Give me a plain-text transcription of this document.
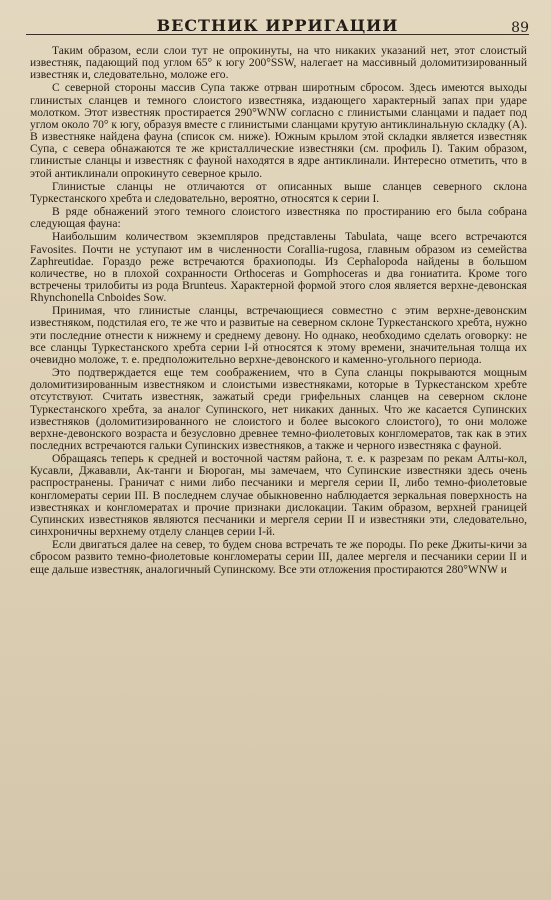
ВЕСТНИК ИРРИГАЦИИ	89

Таким образом, если слои тут не опрокинуты, на что никаких указаний нет, этот слоистый известняк, падающий под углом 65° к югу 200°SSW, налегает на массивный доломитизированный известняк и, следовательно, моложе его.

С северной стороны массив Супа также отрван широтным сбросом. Здесь имеются выходы глинистых сланцев и темного слоистого известняка, издающего характерный запах при ударе молотком. Этот известняк простирается 290°WNW согласно с глинистыми сланцами и падает под углом около 70° к югу, образуя вместе с глинистыми сланцами крутую антиклинальную складку (А). В известняке найдена фауна (список см. ниже). Южным крылом этой складки является известняк Супа, с севера обнажаются те же кристаллические известняки (см. профиль I). Таким образом, глинистые сланцы и известняк с фауной находятся в ядре антиклинали. Интересно отметить, что в этой антиклинали опрокинуто северное крыло.

Глинистые сланцы не отличаются от описанных выше сланцев северного склона Туркестанского хребта и следовательно, вероятно, относятся к серии I.

В ряде обнажений этого темного слоистого известняка по простиранию его была собрана следующая фауна:

Наибольшим количеством экземпляров представлены Tabulata, чаще всего встречаются Favosites. Почти не уступают им в численности Corallia-rugosa, главным образом из семейства Zaphreutidae. Гораздо реже встречаются брахиоподы. Из Cephalopoda найдены в большом количестве, но в плохой сохранности Orthoceras и Gomphoceras и два гониатита. Кроме того встречены трилобиты из рода Brunteus. Характерной формой этого слоя является верхне-девонская Rhynchonella Cnboides Sow.

Принимая, что глинистые сланцы, встречающиеся совместно с этим верхне-девонским известняком, подстилая его, те же что и развитые на северном склоне Туркестанского хребта, нужно эти последние отнести к нижнему и среднему девону. Но однако, необходимо сделать оговорку: не все сланцы Туркестанского хребта серии I-й относятся к этому времени, значительная толща их очевидно моложе, т. е. предположительно верхне-девонского и каменно-угольного периода.

Это подтверждается еще тем соображением, что в Супа сланцы покрываются мощным доломитизированным известняком и слоистыми известняками, которые в Туркестанском хребте отсутствуют. Считать известняк, зажатый среди грифельных сланцев на северном склоне Туркестанского хребта, за аналог Супинского, нет никаких данных. Что же касается Супинских известняков (доломитизированного не слоистого и более высокого слоистого), то они моложе верхне-девонского возраста и безусловно древнее темно-фиолетовых конгломератов, так как в этих последних встречаются гальки Супинских известняков, а также и черного известняка с фауной.

Обращаясь теперь к средней и восточной частям района, т. е. к разрезам по рекам Алты-кол, Кусавли, Джававли, Ак-танги и Бюроган, мы замечаем, что Супинские известняки здесь очень распространены. Граничат с ними либо песчаники и мергеля серии II, либо темно-фиолетовые конгломераты серии III. В последнем случае обыкновенно наблюдается зеркальная поверхность на известняках и конгломератах и прочие признаки дислокации. Таким образом, верхней границей Супинских известняков являются песчаники и мергеля серии II и известняки эти, следовательно, синхроничны верхнему отделу сланцев серии I-й.

Если двигаться далее на север, то будем снова встречать те же породы. По реке Джиты-кичи за сбросом развито темно-фиолетовые конгломераты серии III, далее мергеля и песчаники серии II и еще дальше известняк, аналогичный Супинскому. Все эти отложения простираются 280°WNW и
